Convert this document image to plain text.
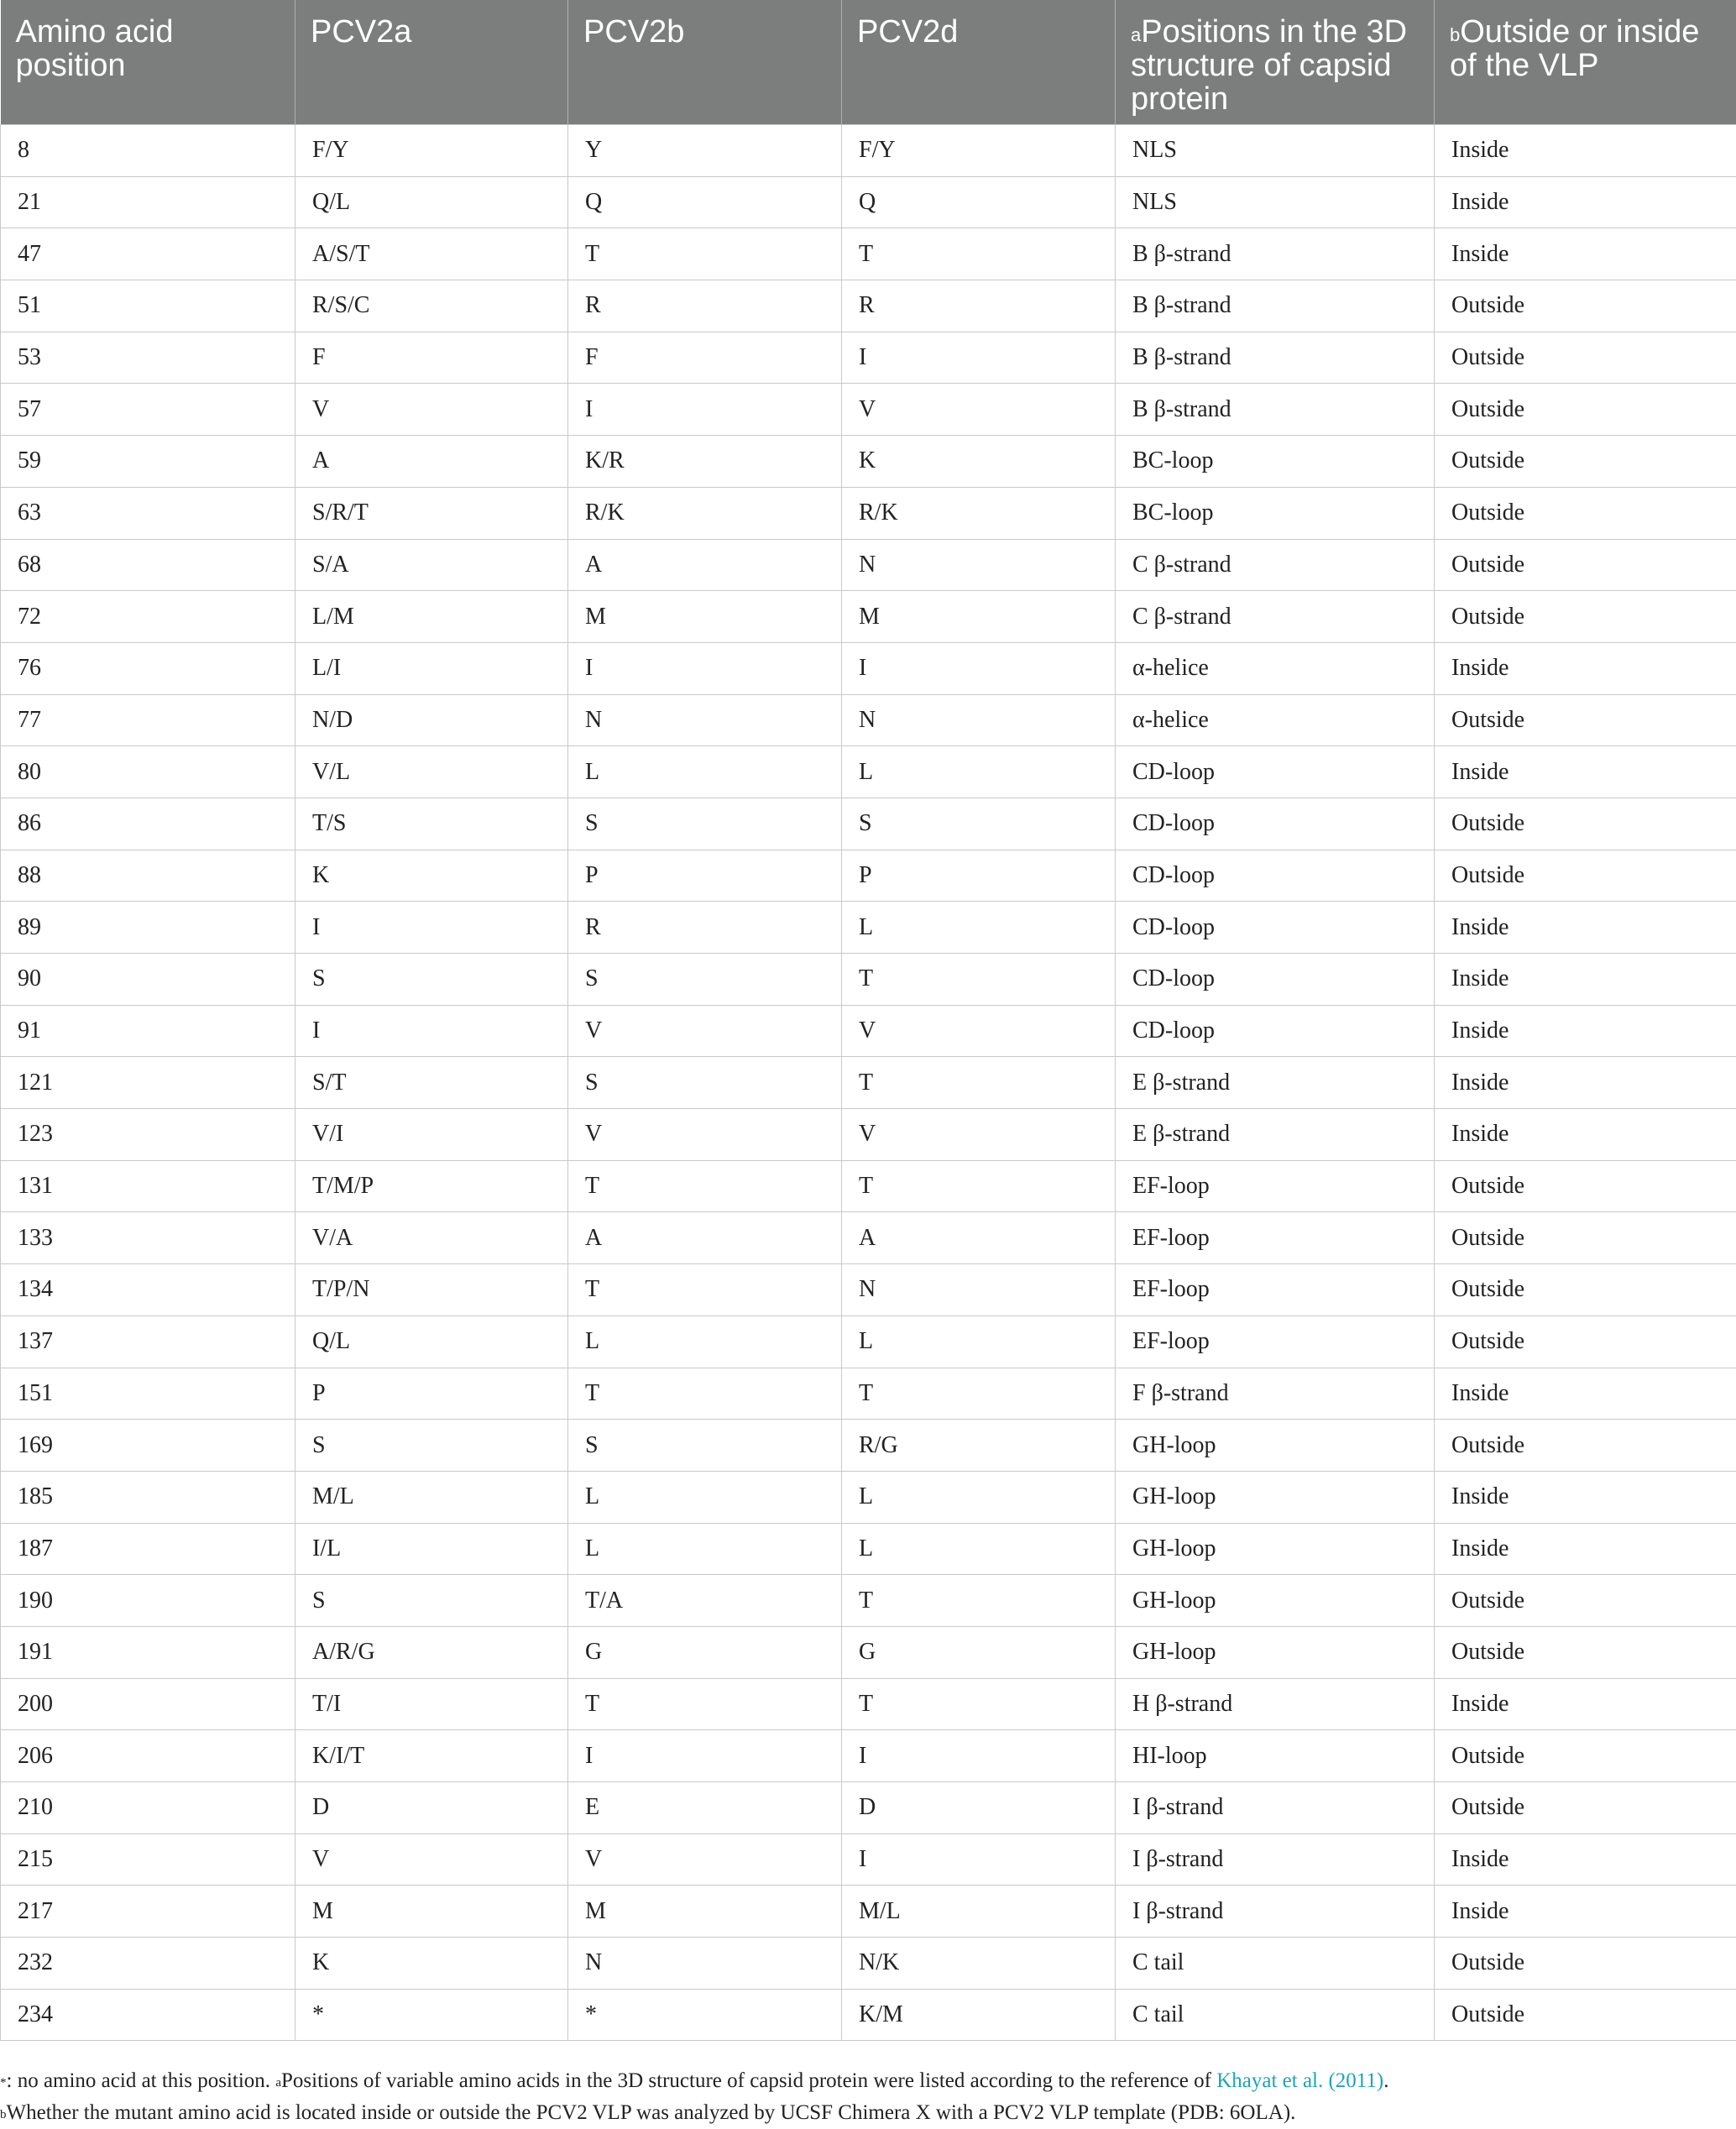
Amino acid position	PCV2a	PCV2b	PCV2d	$^a$Positions in the 3D structure of capsid protein	$^b$Outside or inside of the VLP
8	F/Y	Y	F/Y	NLS	Inside
21	Q/L	Q	Q	NLS	Inside
47	A/S/T	T	T	B β-strand	Inside
51	R/S/C	R	R	B β-strand	Outside
53	F	F	I	B β-strand	Outside
57	V	I	V	B β-strand	Outside
59	A	K/R	K	BC-loop	Outside
63	S/R/T	R/K	R/K	BC-loop	Outside
68	S/A	A	N	C β-strand	Outside
72	L/M	M	M	C β-strand	Outside
76	L/I	I	I	α-helice	Inside
77	N/D	N	N	α-helice	Outside
80	V/L	L	L	CD-loop	Inside
86	T/S	S	S	CD-loop	Outside
88	K	P	P	CD-loop	Outside
89	I	R	L	CD-loop	Inside
90	S	S	T	CD-loop	Inside
91	I	V	V	CD-loop	Inside
121	S/T	S	T	E β-strand	Inside
123	V/I	V	V	E β-strand	Inside
131	T/M/P	T	T	EF-loop	Outside
133	V/A	A	A	EF-loop	Outside
134	T/P/N	T	N	EF-loop	Outside
137	Q/L	L	L	EF-loop	Outside
151	P	T	T	F β-strand	Inside
169	S	S	R/G	GH-loop	Outside
185	M/L	L	L	GH-loop	Inside
187	I/L	L	L	GH-loop	Inside
190	S	T/A	T	GH-loop	Outside
191	A/R/G	G	G	GH-loop	Outside
200	T/I	T	T	H β-strand	Inside
206	K/I/T	I	I	HI-loop	Outside
210	D	E	D	I β-strand	Outside
215	V	V	I	I β-strand	Inside
217	M	M	M/L	I β-strand	Inside
232	K	N	N/K	C tail	Outside
234	*	*	K/M	C tail	Outside

*: no amino acid at this position. $^a$Positions of variable amino acids in the 3D structure of capsid protein were listed according to the reference of Khayat et al. (2011).

$^b$Whether the mutant amino acid is located inside or outside the PCV2 VLP was analyzed by UCSF Chimera X with a PCV2 VLP template (PDB: 6OLA).
